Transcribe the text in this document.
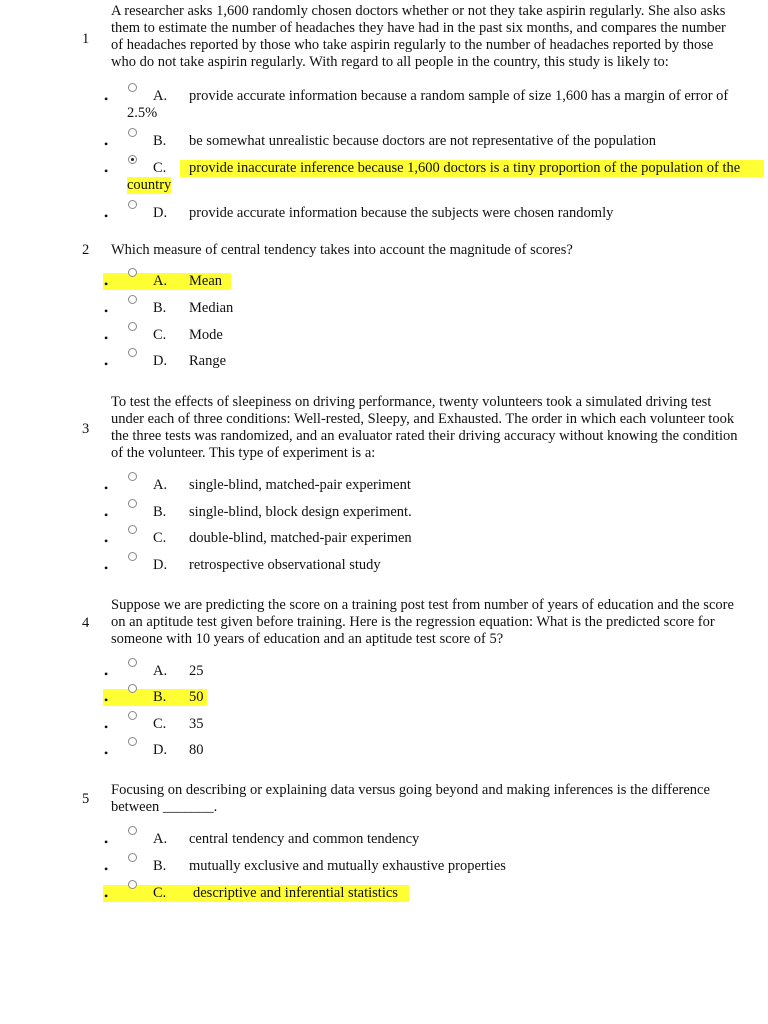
1
A researcher asks 1,600 randomly chosen doctors whether or not they take aspirin regularly. She also asks
them to estimate the number of headaches they have had in the past six months, and compares the number
of headaches reported by those who take aspirin regularly to the number of headaches reported by those
who do not take aspirin regularly. With regard to all people in the country, this study is likely to:
•	A. provide accurate information because a random sample of size 1,600 has a margin of error of
2.5%
•	B. be somewhat unrealistic because doctors are not representative of the population
•	C. provide inaccurate inference because 1,600 doctors is a tiny proportion of the population of the
country
•	D. provide accurate information because the subjects were chosen randomly
2	Which measure of central tendency takes into account the magnitude of scores?
•	A. Mean
•	B. Median
•	C. Mode
•	D. Range
3
To test the effects of sleepiness on driving performance, twenty volunteers took a simulated driving test
under each of three conditions: Well-rested, Sleepy, and Exhausted. The order in which each volunteer took
the three tests was randomized, and an evaluator rated their driving accuracy without knowing the condition
of the volunteer. This type of experiment is a:
•	A. single-blind, matched-pair experiment
•	B. single-blind, block design experiment.
•	C. double-blind, matched-pair experimen
•	D. retrospective observational study
4
Suppose we are predicting the score on a training post test from number of years of education and the score
on an aptitude test given before training. Here is the regression equation: What is the predicted score for
someone with 10 years of education and an aptitude test score of 5?
•	A. 25
•	B. 50
•	C. 35
•	D. 80
5
Focusing on describing or explaining data versus going beyond and making inferences is the difference
between _______.
•	A. central tendency and common tendency
•	B. mutually exclusive and mutually exhaustive properties
•	C. descriptive and inferential statistics
